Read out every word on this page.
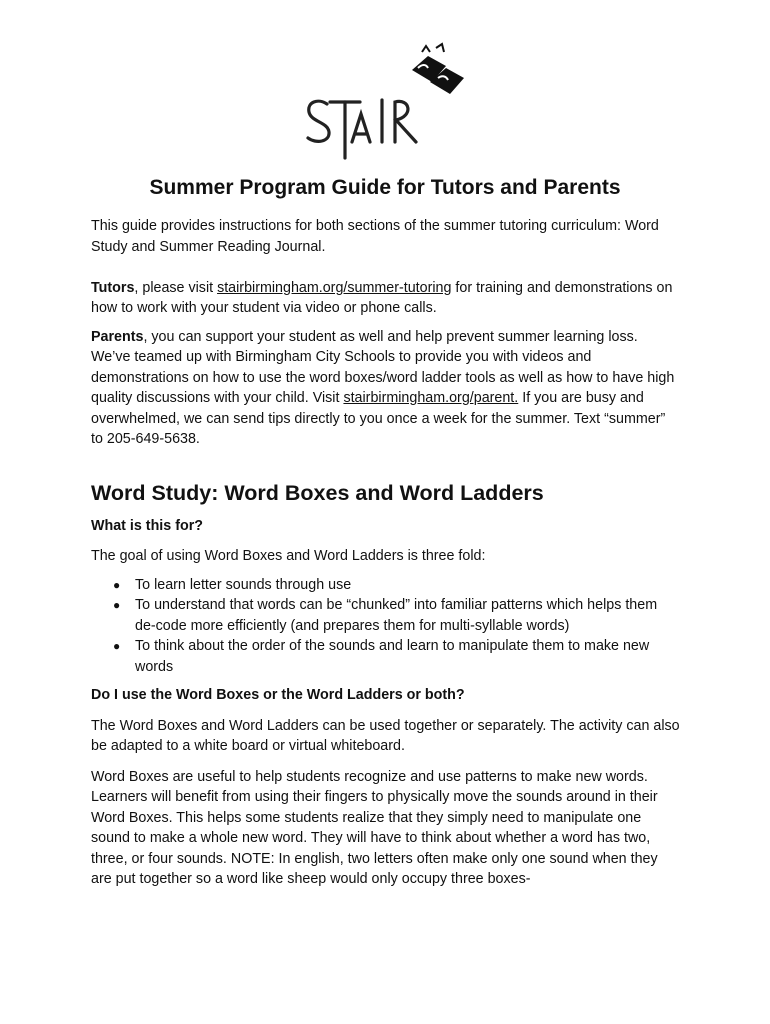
Summer Program Guide for Tutors and Parents

This guide provides instructions for both sections of the summer tutoring curriculum: Word Study and Summer Reading Journal.

Tutors, please visit stairbirmingham.org/summer-tutoring for training and demonstrations on how to work with your student via video or phone calls.

Parents, you can support your student as well and help prevent summer learning loss. We’ve teamed up with Birmingham City Schools to provide you with videos and demonstrations on how to use the word boxes/word ladder tools as well as how to have high quality discussions with your child. Visit stairbirmingham.org/parent. If you are busy and overwhelmed, we can send tips directly to you once a week for the summer. Text “summer” to 205-649-5638.

Word Study: Word Boxes and Word Ladders

What is this for?

The goal of using Word Boxes and Word Ladders is three fold:

● To learn letter sounds through use
● To understand that words can be “chunked” into familiar patterns which helps them de-code more efficiently (and prepares them for multi-syllable words)
● To think about the order of the sounds and learn to manipulate them to make new words

Do I use the Word Boxes or the Word Ladders or both?

The Word Boxes and Word Ladders can be used together or separately. The activity can also be adapted to a white board or virtual whiteboard.

Word Boxes are useful to help students recognize and use patterns to make new words. Learners will benefit from using their fingers to physically move the sounds around in their Word Boxes. This helps some students realize that they simply need to manipulate one sound to make a whole new word. They will have to think about whether a word has two, three, or four sounds. NOTE: In english, two letters often make only one sound when they are put together so a word like sheep would only occupy three boxes-
